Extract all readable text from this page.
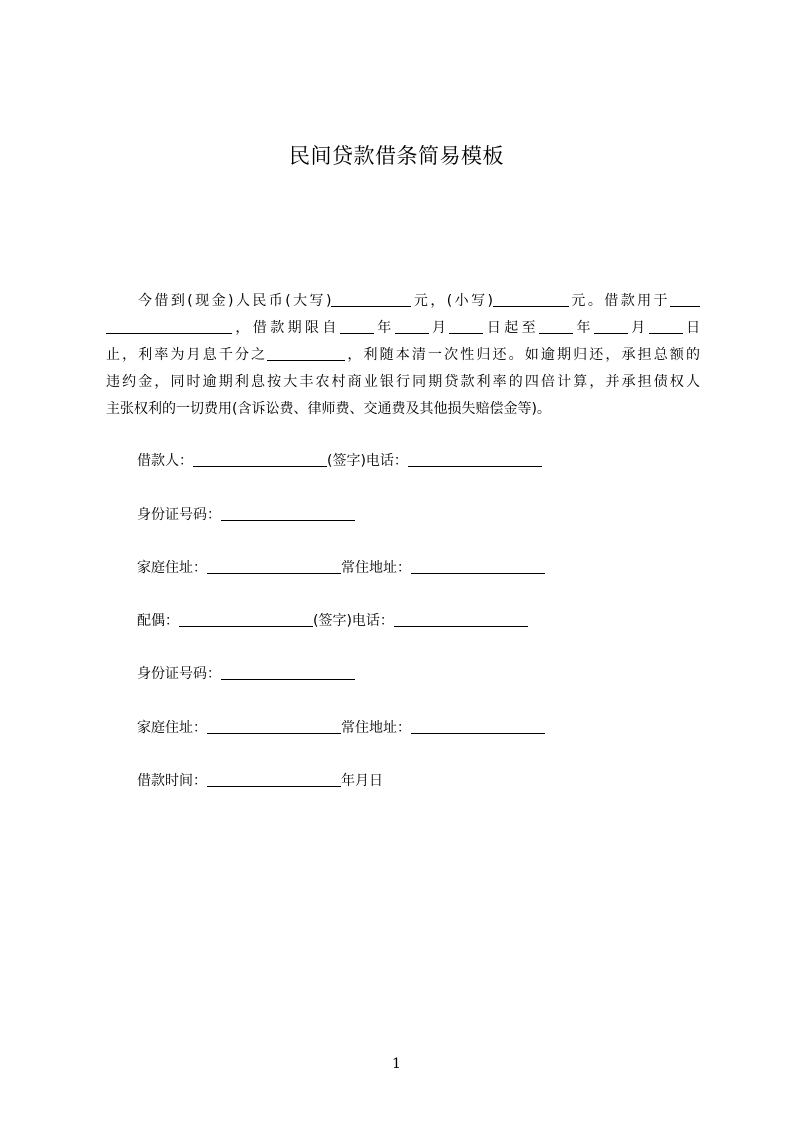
民间贷款借条简易模板
今借到(现金)人民币(大写)	元，(小写)	元。借款用于
，借款期限自 年 月 日起至 年 月 日
止，利率为月息千分之	，利随本清一次性归还。如逾期归还，承担总额的
违约金，同时逾期利息按大丰农村商业银行同期贷款利率的四倍计算，并承担债权人
主张权利的一切费用(含诉讼费、律师费、交通费及其他损失赔偿金等)。
借款人：	(签字)电话：
身份证号码：
家庭住址：	常住地址：
配偶：	(签字)电话：
身份证号码：
家庭住址：	常住地址：
借款时间：	年月日
1
